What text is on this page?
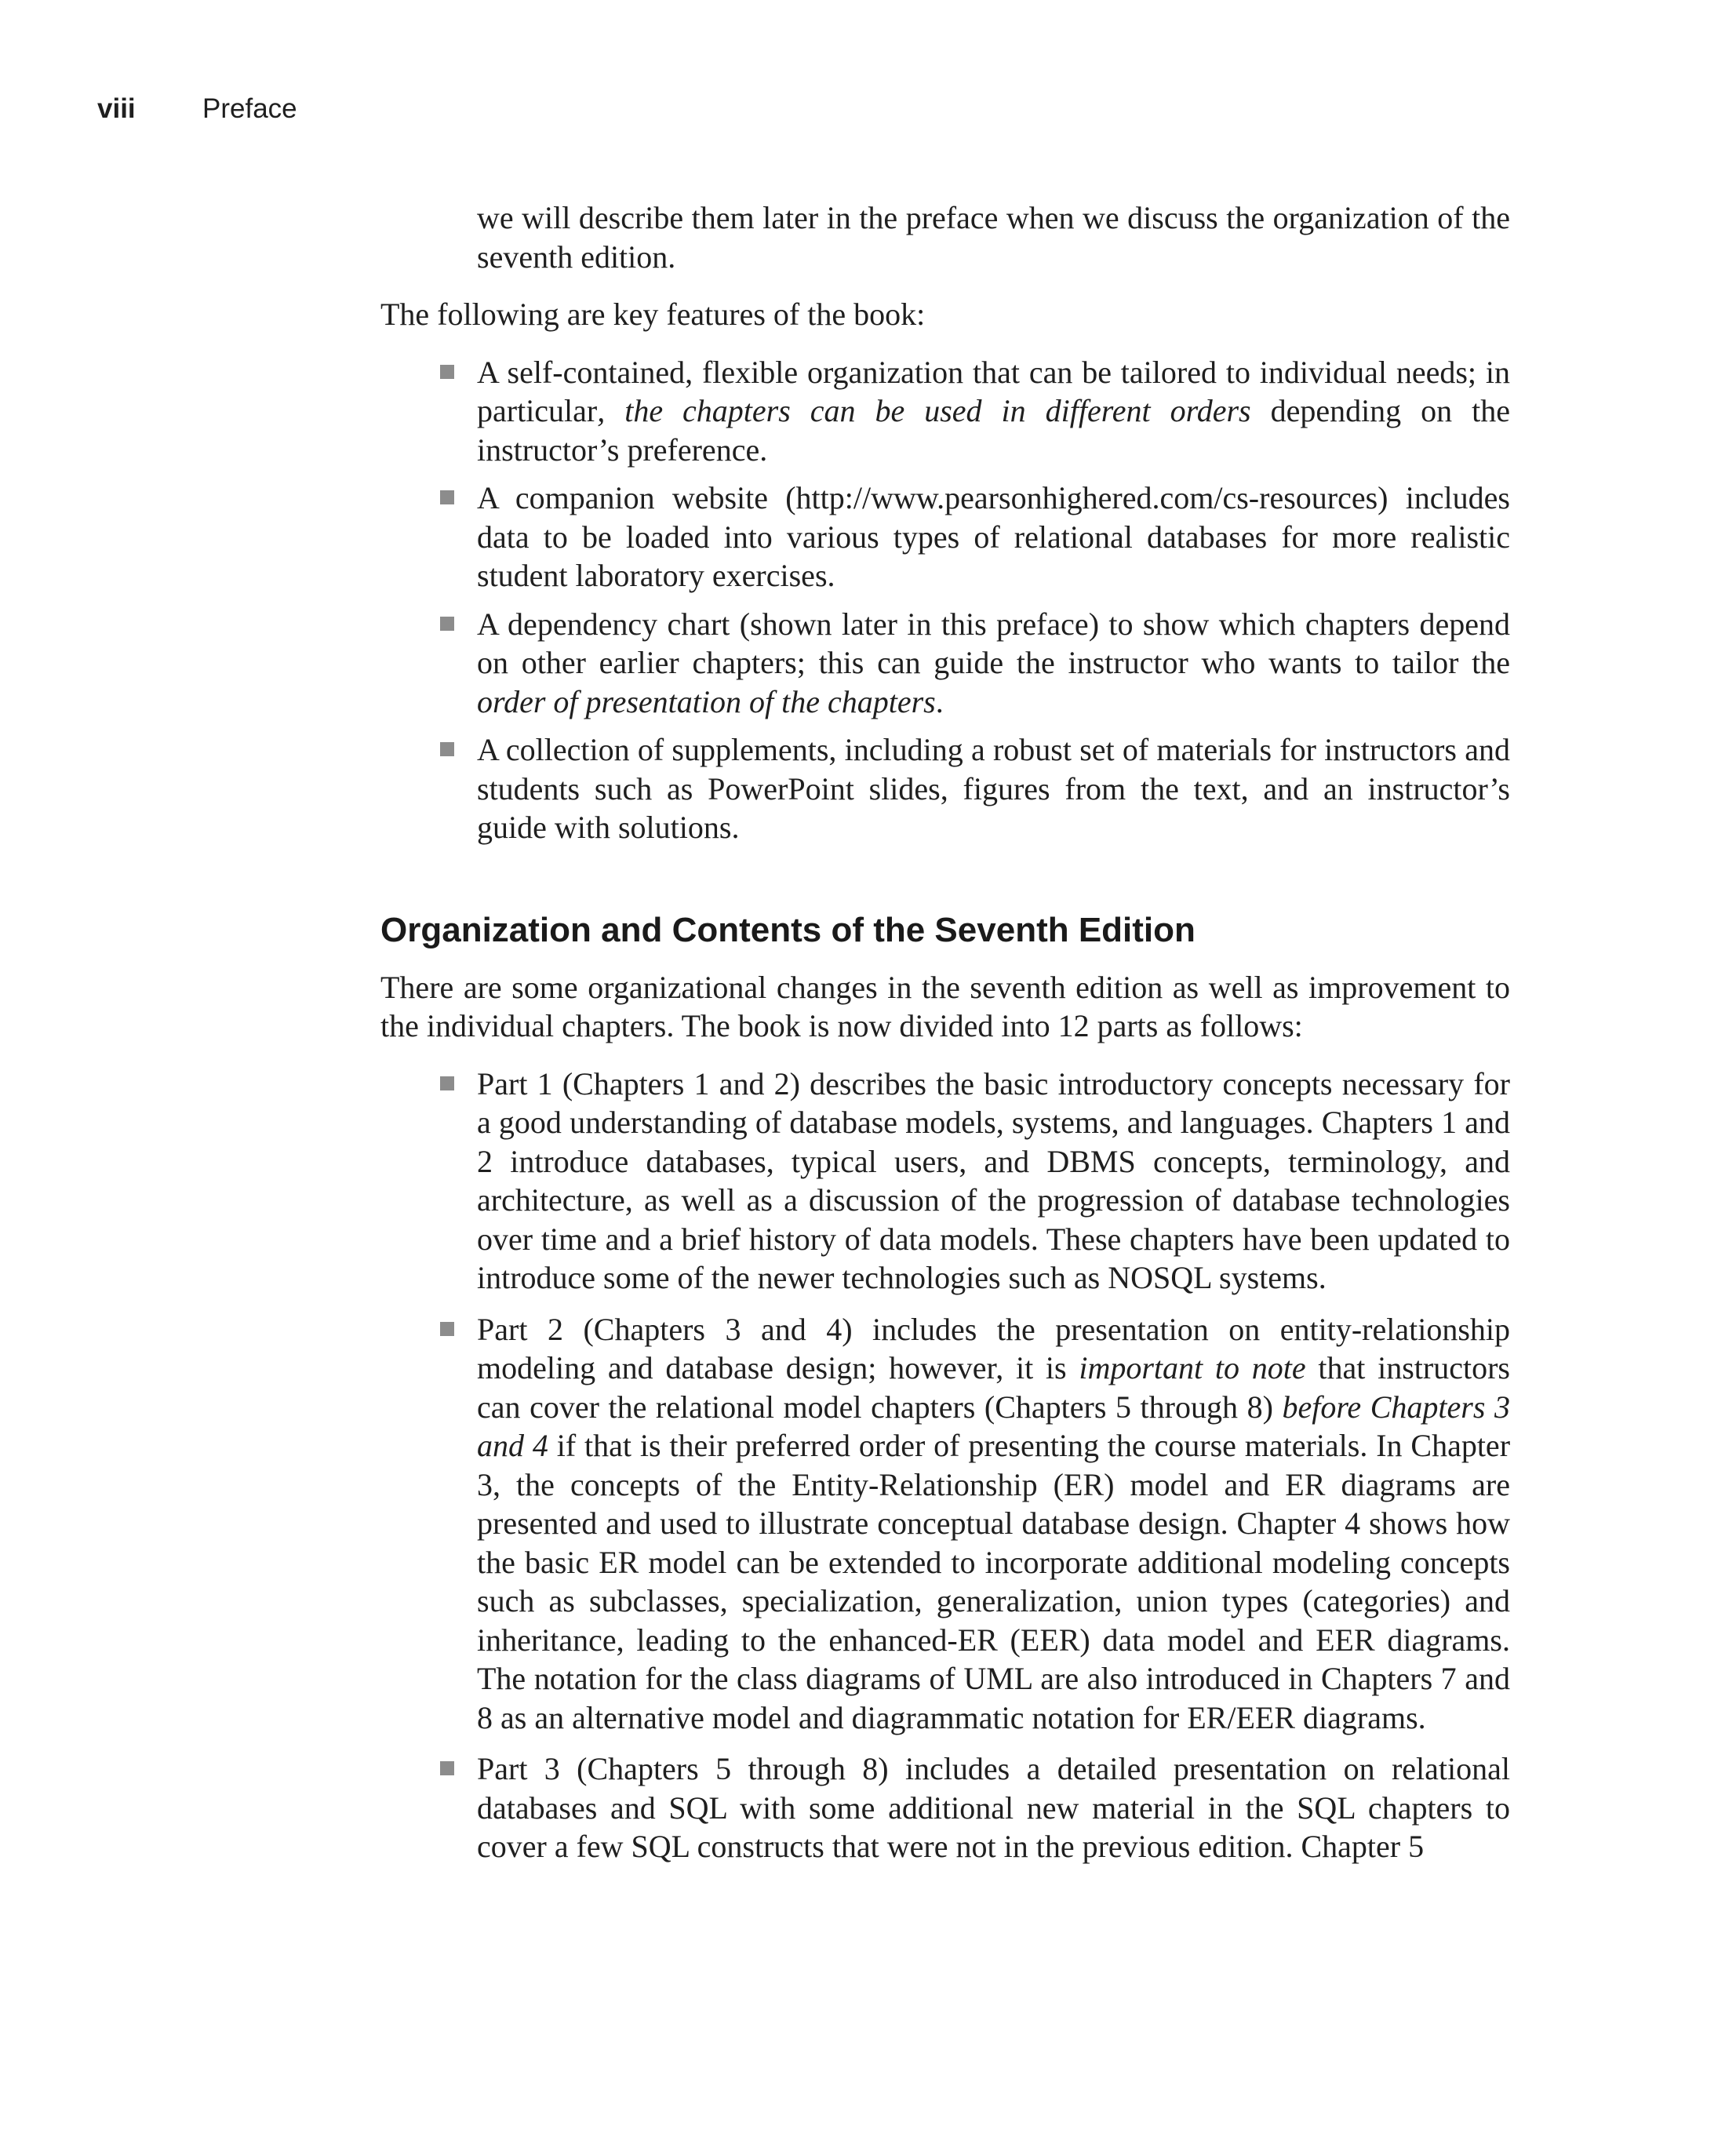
viii Preface

we will describe them later in the preface when we discuss the organization of the seventh edition.

The following are key features of the book:

A self-contained, flexible organization that can be tailored to individual needs; in particular, the chapters can be used in different orders depending on the instructor’s preference.
A companion website (http://www.pearsonhighered.com/cs-resources) includes data to be loaded into various types of relational databases for more realistic student laboratory exercises.
A dependency chart (shown later in this preface) to show which chapters depend on other earlier chapters; this can guide the instructor who wants to tailor the order of presentation of the chapters.
A collection of supplements, including a robust set of materials for instructors and students such as PowerPoint slides, figures from the text, and an instructor’s guide with solutions.
Organization and Contents of the Seventh Edition

There are some organizational changes in the seventh edition as well as improvement to the individual chapters. The book is now divided into 12 parts as follows:

Part 1 (Chapters 1 and 2) describes the basic introductory concepts necessary for a good understanding of database models, systems, and languages. Chapters 1 and 2 introduce databases, typical users, and DBMS concepts, terminology, and architecture, as well as a discussion of the progression of database technologies over time and a brief history of data models. These chapters have been updated to introduce some of the newer technologies such as NOSQL systems.
Part 2 (Chapters 3 and 4) includes the presentation on entity-relationship modeling and database design; however, it is important to note that instructors can cover the relational model chapters (Chapters 5 through 8) before Chapters 3 and 4 if that is their preferred order of presenting the course materials. In Chapter 3, the concepts of the Entity-Relationship (ER) model and ER diagrams are presented and used to illustrate conceptual database design. Chapter 4 shows how the basic ER model can be extended to incorporate additional modeling concepts such as subclasses, specialization, generalization, union types (categories) and inheritance, leading to the enhanced-ER (EER) data model and EER diagrams. The notation for the class diagrams of UML are also introduced in Chapters 7 and 8 as an alternative model and diagrammatic notation for ER/EER diagrams.
Part 3 (Chapters 5 through 8) includes a detailed presentation on relational databases and SQL with some additional new material in the SQL chapters to cover a few SQL constructs that were not in the previous edition. Chapter 5
